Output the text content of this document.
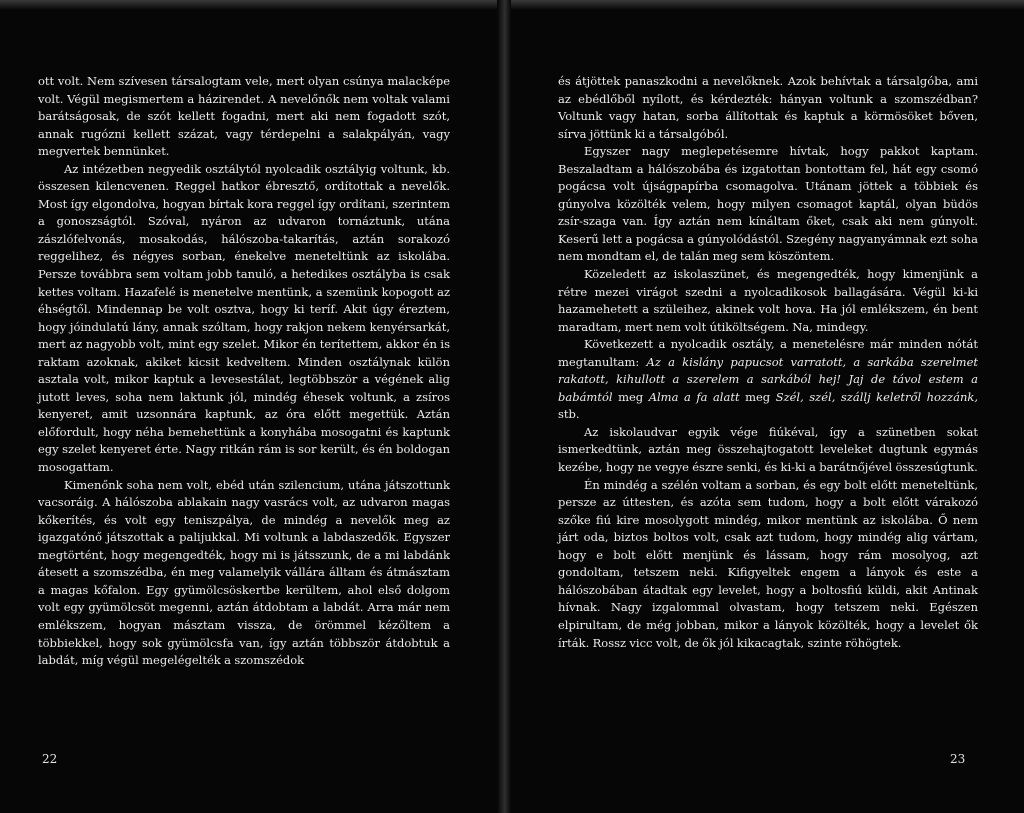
ott volt. Nem szívesen társalogtam vele, mert olyan csúnya malacképe volt. Végül megismertem a házirendet. A nevelőnők nem voltak valami barátságosak, de szót kellett fogadni, mert aki nem fogadott szót, annak rugózni kellett százat, vagy térdepelni a salakpályán, vagy megvertek bennünket.

Az intézetben negyedik osztálytól nyolcadik osztályig voltunk, kb. összesen kilencvenen. Reggel hatkor ébresztő, ordítottak a nevelők. Most így elgondolva, hogyan bírtak kora reggel így ordítani, szerintem a gonoszságtól. Szóval, nyáron az udvaron tornáztunk, utána zászlófelvonás, mosakodás, hálószoba-takarítás, aztán sorakozó reggelihez, és négyes sorban, énekelve meneteltünk az iskolába. Persze továbbra sem voltam jobb tanuló, a hetedikes osztályba is csak kettes voltam. Hazafelé is menetelve mentünk, a szemünk kopogott az éhségtől. Mindennap be volt osztva, hogy ki teríf. Akit úgy éreztem, hogy jóindulatú lány, annak szóltam, hogy rakjon nekem kenyérsarkát, mert az nagyobb volt, mint egy szelet. Mikor én terítettem, akkor én is raktam azoknak, akiket kicsit kedveltem. Minden osztálynak külön asztala volt, mikor kaptuk a levesestálat, legtöbbször a végének alig jutott leves, soha nem laktunk jól, mindég éhesek voltunk, a zsíros kenyeret, amit uzsonnára kaptunk, az óra előtt megettük. Aztán előfordult, hogy néha bemehettünk a konyhába mosogatni és kaptunk egy szelet kenyeret érte. Nagy ritkán rám is sor került, és én boldogan mosogattam.

Kimenőnk soha nem volt, ebéd után szilencium, utána játszottunk vacsoráig. A hálószoba ablakain nagy vasrács volt, az udvaron magas kőkerítés, és volt egy teniszpálya, de mindég a nevelők meg az igazgatónő játszottak a palijukkal. Mi voltunk a labdaszedők. Egyszer megtörtént, hogy megengedték, hogy mi is játsszunk, de a mi labdánk átesett a szomszédba, én meg valamelyik vállára álltam és átmásztam a magas kőfalon. Egy gyümölcsöskertbe kerültem, ahol első dolgom volt egy gyümölcsöt megenni, aztán átdobtam a labdát. Arra már nem emlékszem, hogyan másztam vissza, de örömmel kézőltem a többiekkel, hogy sok gyümölcsfa van, így aztán többször átdobtuk a labdát, míg végül megelégelték a szomszédok

22

és átjöttek panaszkodni a nevelőknek. Azok behívtak a társalgóba, ami az ebédlőből nyílott, és kérdezték: hányan voltunk a szomszédban? Voltunk vagy hatan, sorba állítottak és kaptuk a körmösöket bőven, sírva jöttünk ki a társalgóból.

Egyszer nagy meglepetésemre hívtak, hogy pakkot kaptam. Beszaladtam a hálószobába és izgatottan bontottam fel, hát egy csomó pogácsa volt újságpapírba csomagolva. Utánam jöttek a többiek és gúnyolva közölték velem, hogy milyen csomagot kaptál, olyan büdös zsír-szaga van. Így aztán nem kínáltam őket, csak aki nem gúnyolt. Keserű lett a pogácsa a gúnyolódástól. Szegény nagyanyámnak ezt soha nem mondtam el, de talán meg sem köszöntem.

Közeledett az iskolaszünet, és megengedték, hogy kimenjünk a rétre mezei virágot szedni a nyolcadikosok ballagására. Végül ki-ki hazamehetett a szüleihez, akinek volt hova. Ha jól emlékszem, én bent maradtam, mert nem volt útiköltségem. Na, mindegy.

Következett a nyolcadik osztály, a menetelésre már minden nótát megtanultam: Az a kislány papucsot varratott, a sarkába szerelmet rakatott, kihullott a szerelem a sarkából hej! Jaj de távol estem a babámtól meg Alma a fa alatt meg Szél, szél, szállj keletről hozzánk, stb.

Az iskolaudvar egyik vége fiúkéval, így a szünetben sokat ismerkedtünk, aztán meg összehajtogatott leveleket dugtunk egymás kezébe, hogy ne vegye észre senki, és ki-ki a barátnőjével összesúgtunk.

Én mindég a szélén voltam a sorban, és egy bolt előtt meneteltünk, persze az úttesten, és azóta sem tudom, hogy a bolt előtt várakozó szőke fiú kire mosolygott mindég, mikor mentünk az iskolába. Ő nem járt oda, biztos boltos volt, csak azt tudom, hogy mindég alig vártam, hogy e bolt előtt menjünk és lássam, hogy rám mosolyog, azt gondoltam, tetszem neki. Kifigyeltek engem a lányok és este a hálószobában átadtak egy levelet, hogy a boltosfiú küldi, akit Antinak hívnak. Nagy izgalommal olvastam, hogy tetszem neki. Egészen elpirultam, de még jobban, mikor a lányok közölték, hogy a levelet ők írták. Rossz vicc volt, de ők jól kikacagtak, szinte röhögtek.

23
